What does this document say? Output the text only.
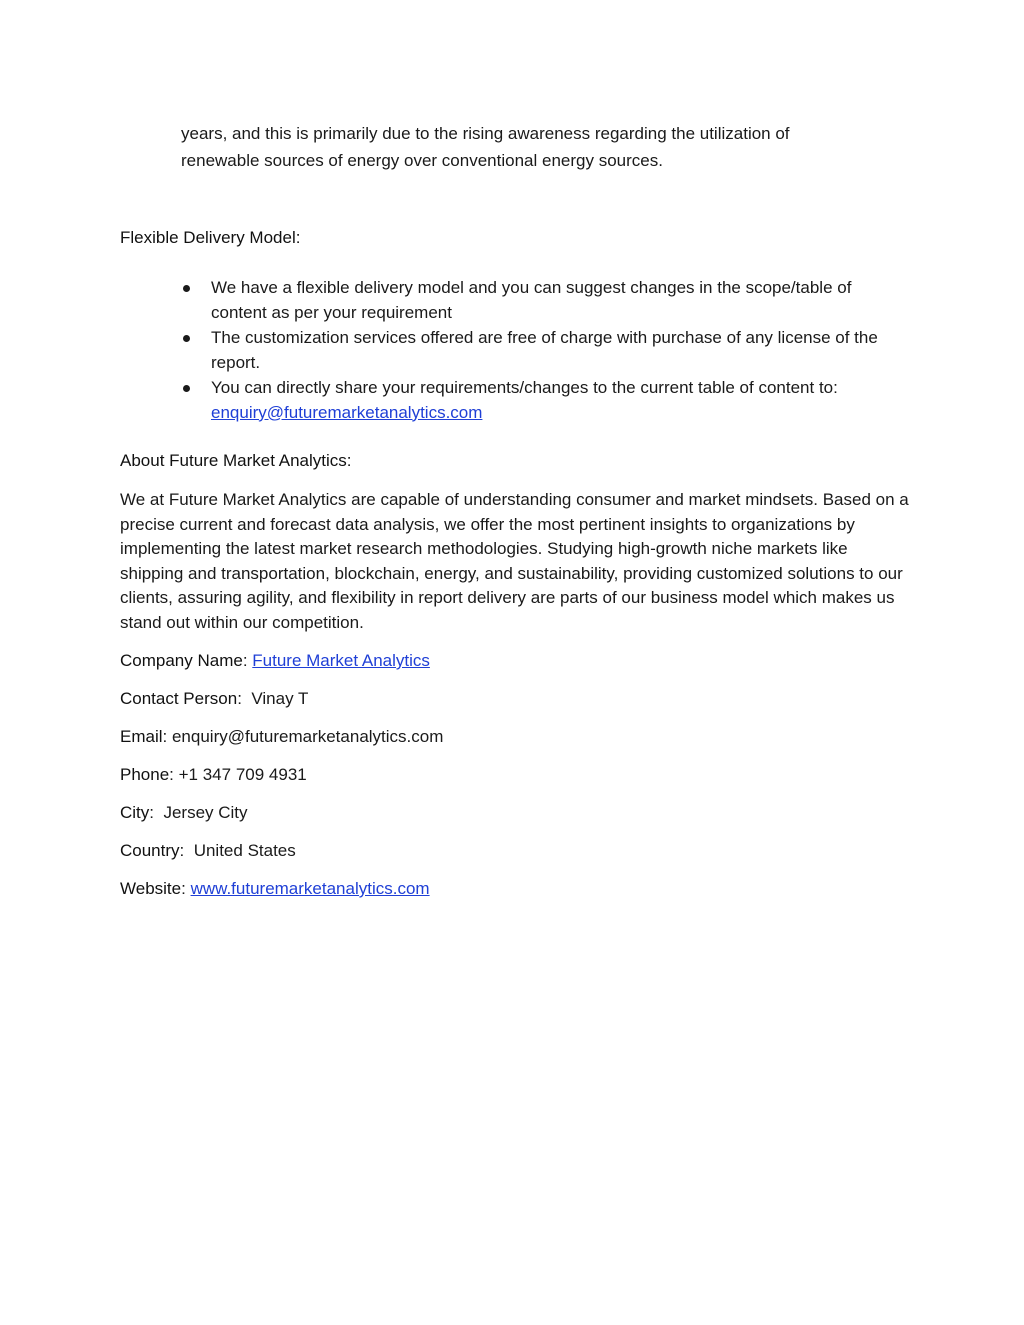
years, and this is primarily due to the rising awareness regarding the utilization of
renewable sources of energy over conventional energy sources.

Flexible Delivery Model:
We have a flexible delivery model and you can suggest changes in the scope/table of content as per your requirement
The customization services offered are free of charge with purchase of any license of the report.
You can directly share your requirements/changes to the current table of content to: enquiry@futuremarketanalytics.com
About Future Market Analytics:

We at Future Market Analytics are capable of understanding consumer and market mindsets. Based on a precise current and forecast data analysis, we offer the most pertinent insights to organizations by implementing the latest market research methodologies. Studying high-growth niche markets like shipping and transportation, blockchain, energy, and sustainability, providing customized solutions to our clients, assuring agility, and flexibility in report delivery are parts of our business model which makes us stand out within our competition.

Company Name: Future Market Analytics

Contact Person:  Vinay T

Email: enquiry@futuremarketanalytics.com

Phone: +1 347 709 4931

City:  Jersey City

Country:  United States

Website: www.futuremarketanalytics.com
